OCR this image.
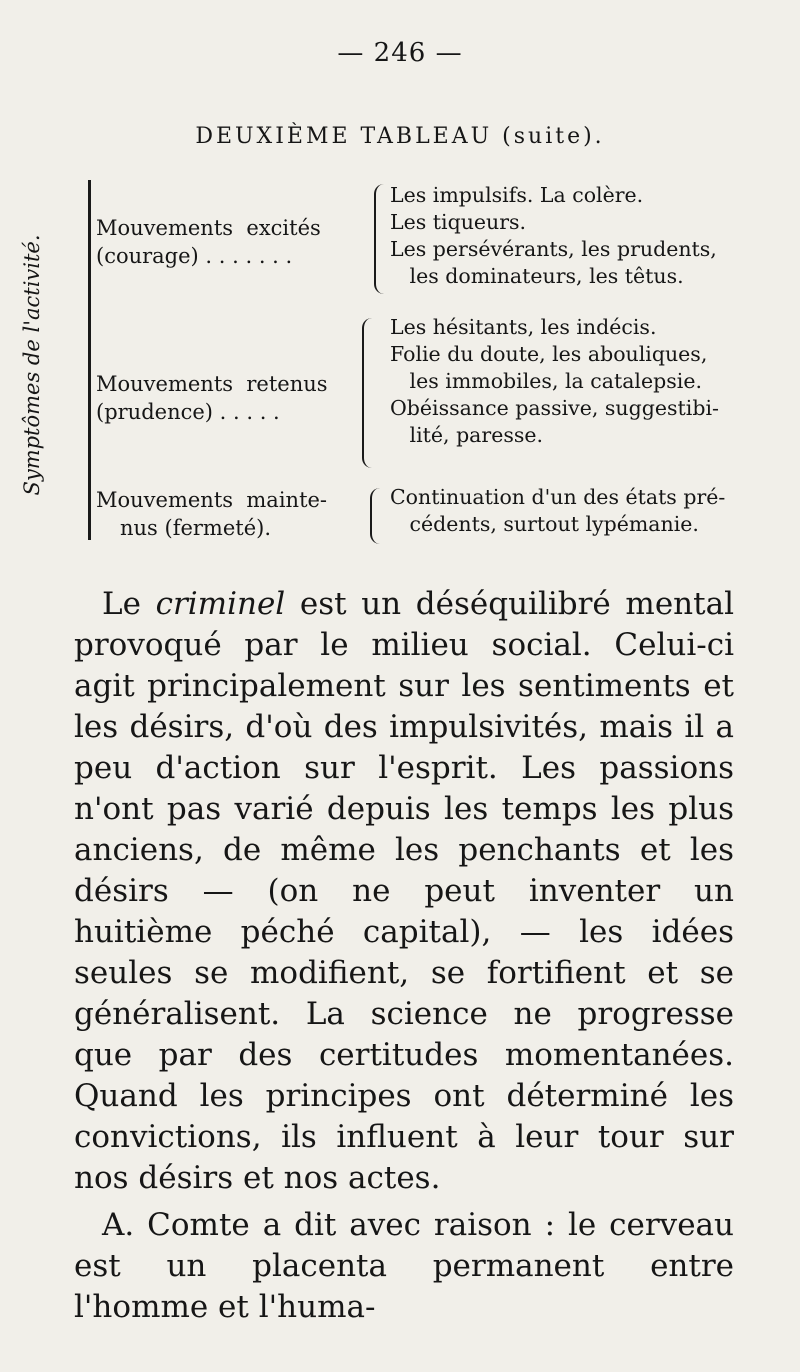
— 246 —
DEUXIÈME TABLEAU (suite).
Symptômes de l'activité.
Mouvements  excités
(courage) . . . . . . .
Les impulsifs. La colère.
Les tiqueurs.
Les persévérants, les prudents,
les dominateurs, les têtus.
Mouvements  retenus
(prudence) . . . . .
Les hésitants, les indécis.
Folie du doute, les abouliques,
les immobiles, la catalepsie.
Obéissance passive, suggestibi-
lité, paresse.
Mouvements  mainte-
nus (fermeté).
Continuation d'un des états pré-
cédents, surtout lypémanie.

Le criminel est un déséquilibré mental provoqué par le milieu social. Celui-ci agit principalement sur les sentiments et les désirs, d'où des impulsivités, mais il a peu d'action sur l'esprit. Les passions n'ont pas varié depuis les temps les plus anciens, de même les penchants et les désirs — (on ne peut inventer un huitième péché capital), — les idées seules se modifient, se fortifient et se généralisent. La science ne progresse que par des certitudes momentanées. Quand les principes ont déterminé les convictions, ils influent à leur tour sur nos désirs et nos actes.

A. Comte a dit avec raison : le cerveau est un placenta permanent entre l'homme et l'huma-
